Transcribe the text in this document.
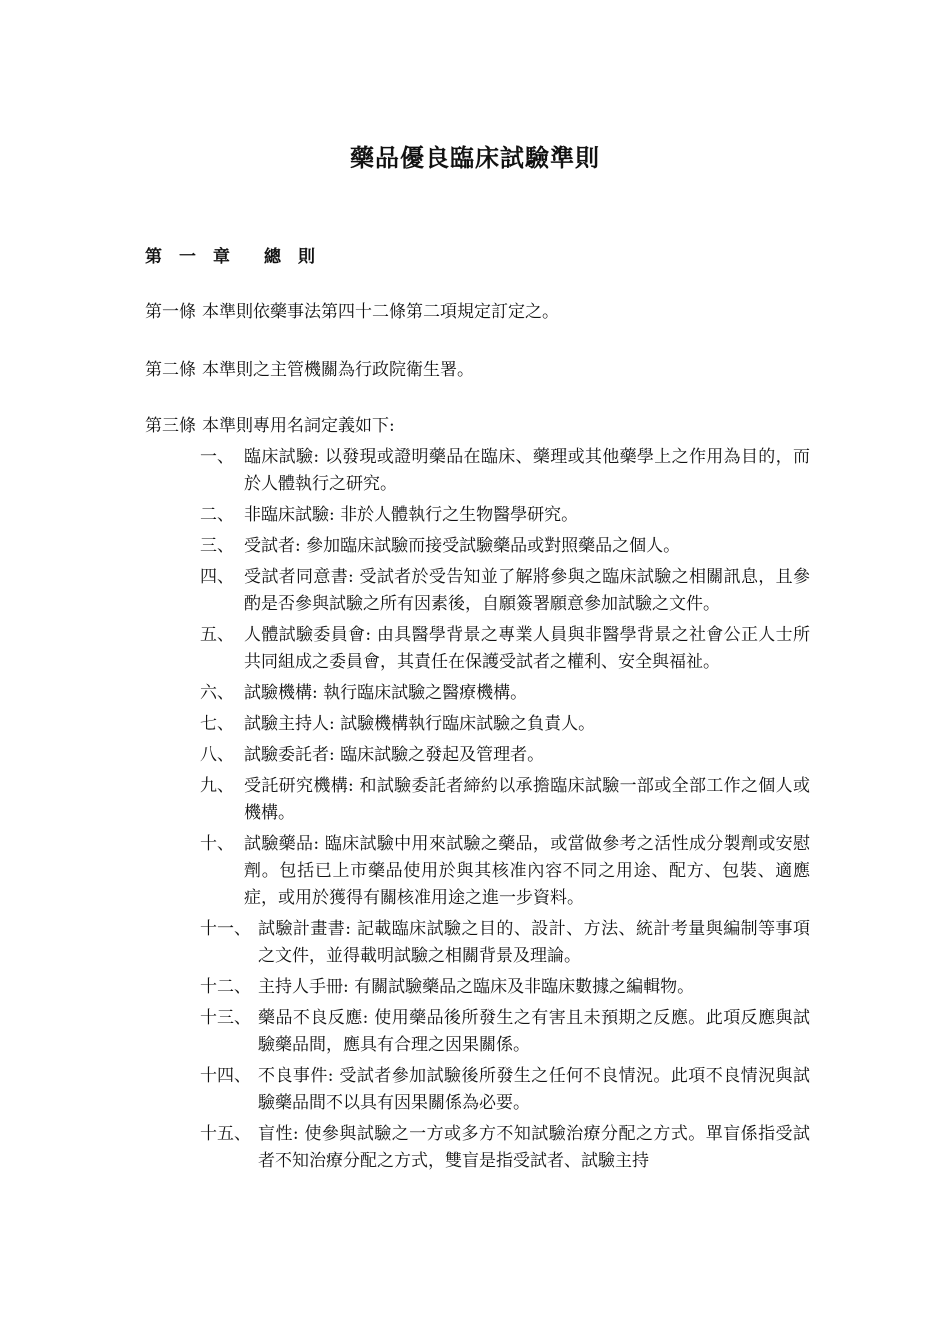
藥品優良臨床試驗準則
第　一　章　　總　則

第一條 本準則依藥事法第四十二條第二項規定訂定之。

第二條 本準則之主管機關為行政院衛生署。

第三條 本準則專用名詞定義如下:

一、 臨床試驗: 以發現或證明藥品在臨床、藥理或其他藥學上之作用為目的，而於人體執行之研究。
二、 非臨床試驗: 非於人體執行之生物醫學研究。
三、 受試者: 參加臨床試驗而接受試驗藥品或對照藥品之個人。
四、 受試者同意書: 受試者於受告知並了解將參與之臨床試驗之相關訊息，且參酌是否參與試驗之所有因素後，自願簽署願意參加試驗之文件。
五、 人體試驗委員會: 由具醫學背景之專業人員與非醫學背景之社會公正人士所共同組成之委員會，其責任在保護受試者之權利、安全與福祉。
六、 試驗機構: 執行臨床試驗之醫療機構。
七、 試驗主持人: 試驗機構執行臨床試驗之負責人。
八、 試驗委託者: 臨床試驗之發起及管理者。
九、 受託研究機構: 和試驗委託者締約以承擔臨床試驗一部或全部工作之個人或機構。
十、 試驗藥品: 臨床試驗中用來試驗之藥品，或當做參考之活性成分製劑或安慰劑。包括已上市藥品使用於與其核准內容不同之用途、配方、包裝、適應症，或用於獲得有關核准用途之進一步資料。
十一、 試驗計畫書: 記載臨床試驗之目的、設計、方法、統計考量與編制等事項之文件，並得載明試驗之相關背景及理論。
十二、 主持人手冊: 有關試驗藥品之臨床及非臨床數據之編輯物。
十三、 藥品不良反應: 使用藥品後所發生之有害且未預期之反應。此項反應與試驗藥品間，應具有合理之因果關係。
十四、 不良事件: 受試者參加試驗後所發生之任何不良情況。此項不良情況與試驗藥品間不以具有因果關係為必要。
十五、 盲性: 使參與試驗之一方或多方不知試驗治療分配之方式。單盲係指受試者不知治療分配之方式，雙盲是指受試者、試驗主持
